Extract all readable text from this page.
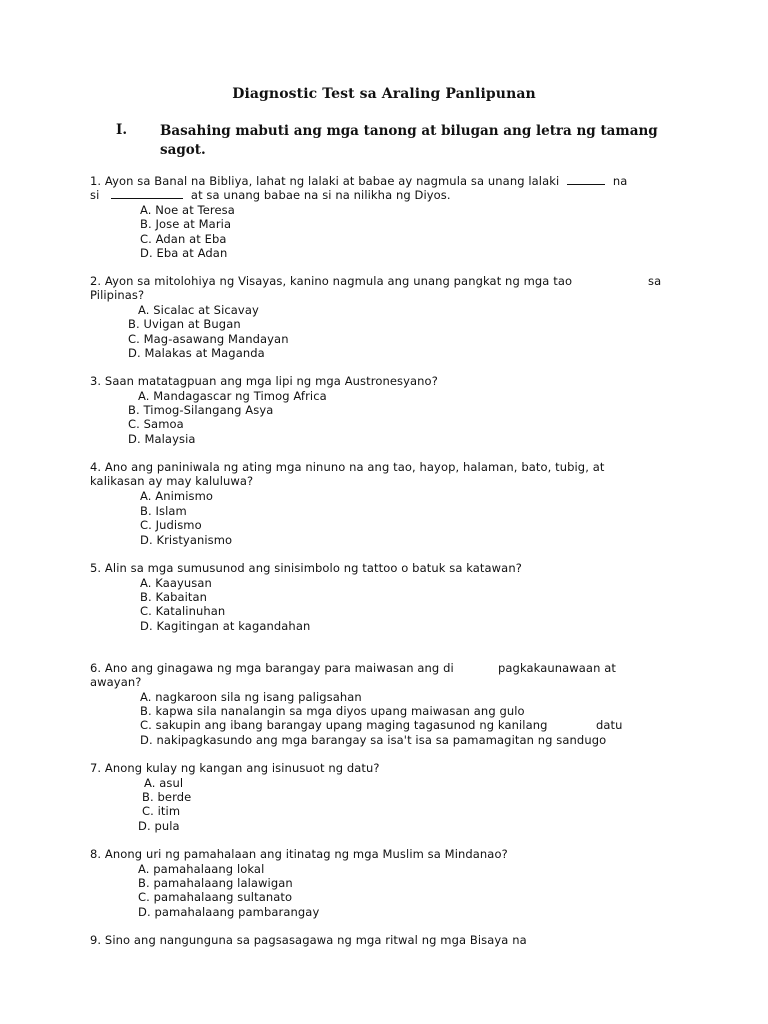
Diagnostic Test sa Araling Panlipunan
I. Basahing mabuti ang mga tanong at bilugan ang letra ng tamang sagot.
1. Ayon sa Banal na Bibliya, lahat ng lalaki at babae ay nagmula sa unang lalaki	na
si	at sa unang babae na si na nilikha ng Diyos.
A. Noe at Teresa
B. Jose at Maria
C. Adan at Eba
D. Eba at Adan
2. Ayon sa mitolohiya ng Visayas, kanino nagmula ang unang pangkat ng mga tao	sa
Pilipinas?
A. Sicalac at Sicavay
B. Uvigan at Bugan
C. Mag-asawang Mandayan
D. Malakas at Maganda
3. Saan matatagpuan ang mga lipi ng mga Austronesyano?
A. Mandagascar ng Timog Africa
B. Timog-Silangang Asya
C. Samoa
D. Malaysia
4. Ano ang paniniwala ng ating mga ninuno na ang tao, hayop, halaman, bato, tubig, at
kalikasan ay may kaluluwa?
A. Animismo
B. Islam
C. Judismo
D. Kristyanismo
5. Alin sa mga sumusunod ang sinisimbolo ng tattoo o batuk sa katawan?
A. Kaayusan
B. Kabaitan
C. Katalinuhan
D. Kagitingan at kagandahan
6. Ano ang ginagawa ng mga barangay para maiwasan ang di	pagkakaunawaan at
awayan?
A. nagkaroon sila ng isang paligsahan
B. kapwa sila nanalangin sa mga diyos upang maiwasan ang gulo
C. sakupin ang ibang barangay upang maging tagasunod ng kanilang	datu
D. nakipagkasundo ang mga barangay sa isa't isa sa pamamagitan ng sandugo
7. Anong kulay ng kangan ang isinusuot ng datu?
A. asul
B. berde
C. itim
D. pula
8. Anong uri ng pamahalaan ang itinatag ng mga Muslim sa Mindanao?
A. pamahalaang lokal
B. pamahalaang lalawigan
C. pamahalaang sultanato
D. pamahalaang pambarangay
9. Sino ang nangunguna sa pagsasagawa ng mga ritwal ng mga Bisaya na
